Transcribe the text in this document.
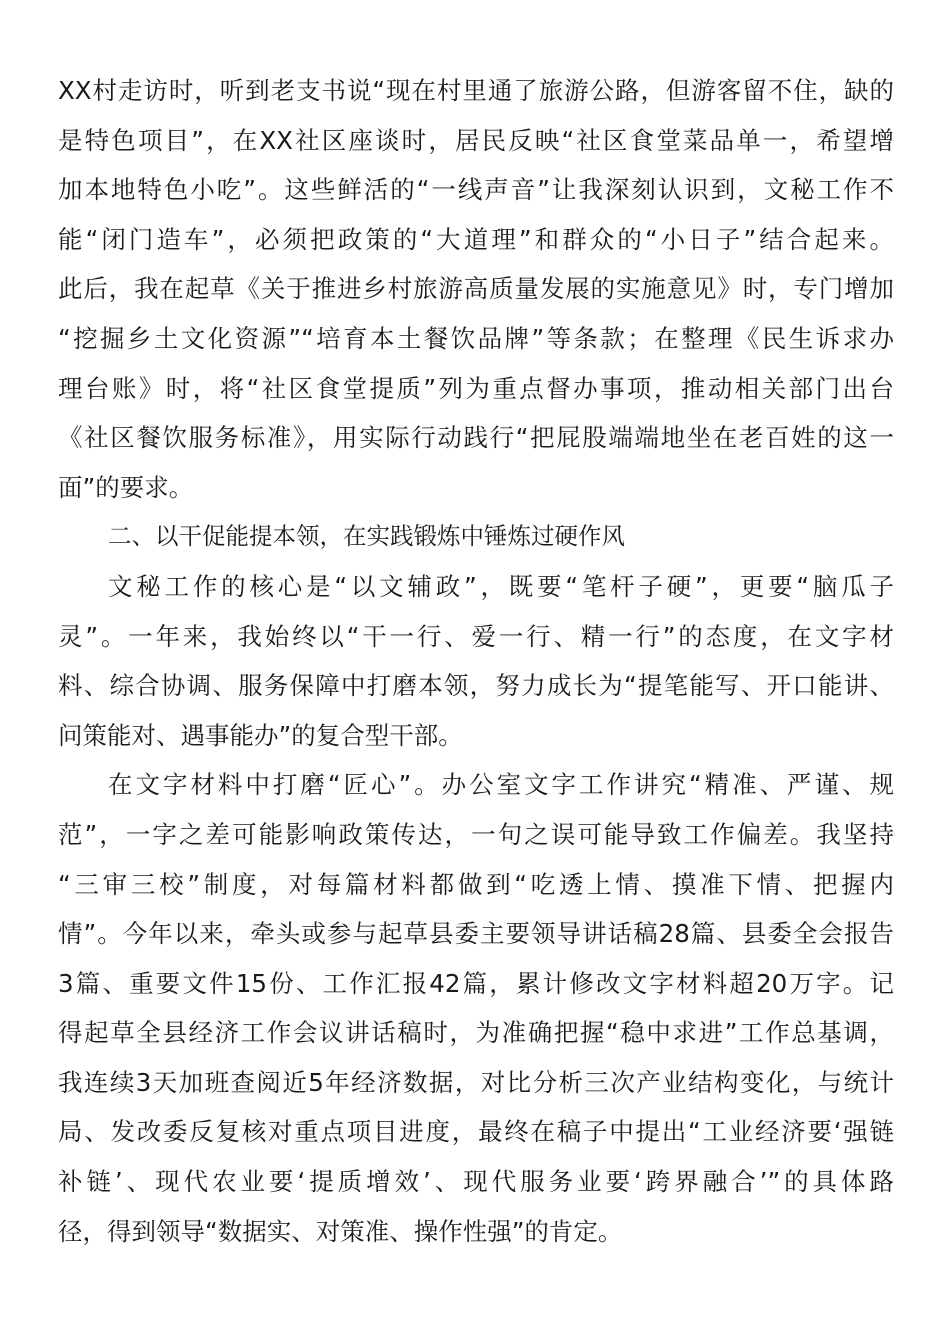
XX村走访时，听到老支书说“现在村里通了旅游公路，但游客留不住，缺的
是特色项目”，在XX社区座谈时，居民反映“社区食堂菜品单一，希望增
加本地特色小吃”。这些鲜活的“一线声音”让我深刻认识到，文秘工作不
能“闭门造车”，必须把政策的“大道理”和群众的“小日子”结合起来。
此后，我在起草《关于推进乡村旅游高质量发展的实施意见》时，专门增加
“挖掘乡土文化资源”“培育本土餐饮品牌”等条款；在整理《民生诉求办
理台账》时，将“社区食堂提质”列为重点督办事项，推动相关部门出台
《社区餐饮服务标准》，用实际行动践行“把屁股端端地坐在老百姓的这一
面”的要求。
二、以干促能提本领，在实践锻炼中锤炼过硬作风
文秘工作的核心是“以文辅政”，既要“笔杆子硬”，更要“脑瓜子
灵”。一年来，我始终以“干一行、爱一行、精一行”的态度，在文字材
料、综合协调、服务保障中打磨本领，努力成长为“提笔能写、开口能讲、
问策能对、遇事能办”的复合型干部。
在文字材料中打磨“匠心”。办公室文字工作讲究“精准、严谨、规
范”，一字之差可能影响政策传达，一句之误可能导致工作偏差。我坚持
“三审三校”制度，对每篇材料都做到“吃透上情、摸准下情、把握内
情”。今年以来，牵头或参与起草县委主要领导讲话稿28篇、县委全会报告
3篇、重要文件15份、工作汇报42篇，累计修改文字材料超20万字。记
得起草全县经济工作会议讲话稿时，为准确把握“稳中求进”工作总基调，
我连续3天加班查阅近5年经济数据，对比分析三次产业结构变化，与统计
局、发改委反复核对重点项目进度，最终在稿子中提出“工业经济要‘强链
补链’、现代农业要‘提质增效’、现代服务业要‘跨界融合’”的具体路
径，得到领导“数据实、对策准、操作性强”的肯定。
